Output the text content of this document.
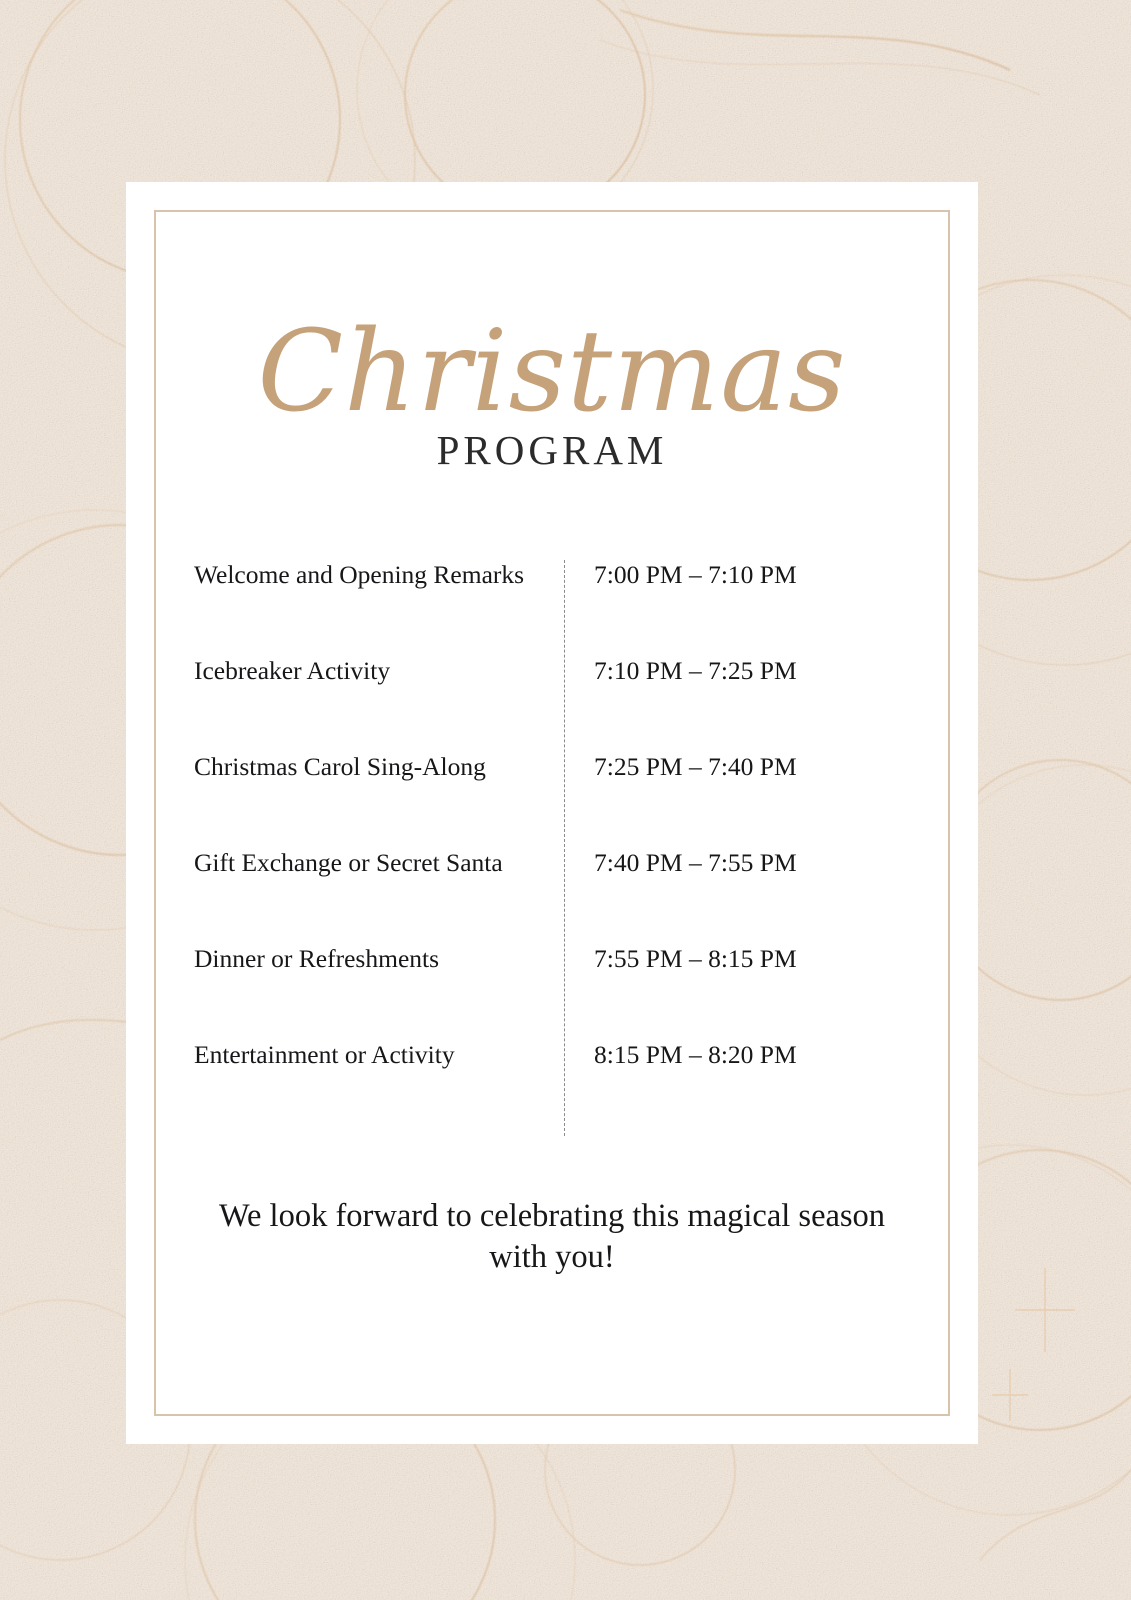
Christmas
PROGRAM
Welcome and Opening Remarks	7:00 PM – 7:10 PM
Icebreaker Activity	7:10 PM – 7:25 PM
Christmas Carol Sing-Along	7:25 PM – 7:40 PM
Gift Exchange or Secret Santa	7:40 PM – 7:55 PM
Dinner or Refreshments	7:55 PM – 8:15 PM
Entertainment or Activity	8:15 PM – 8:20 PM
We look forward to celebrating this magical season with you!
